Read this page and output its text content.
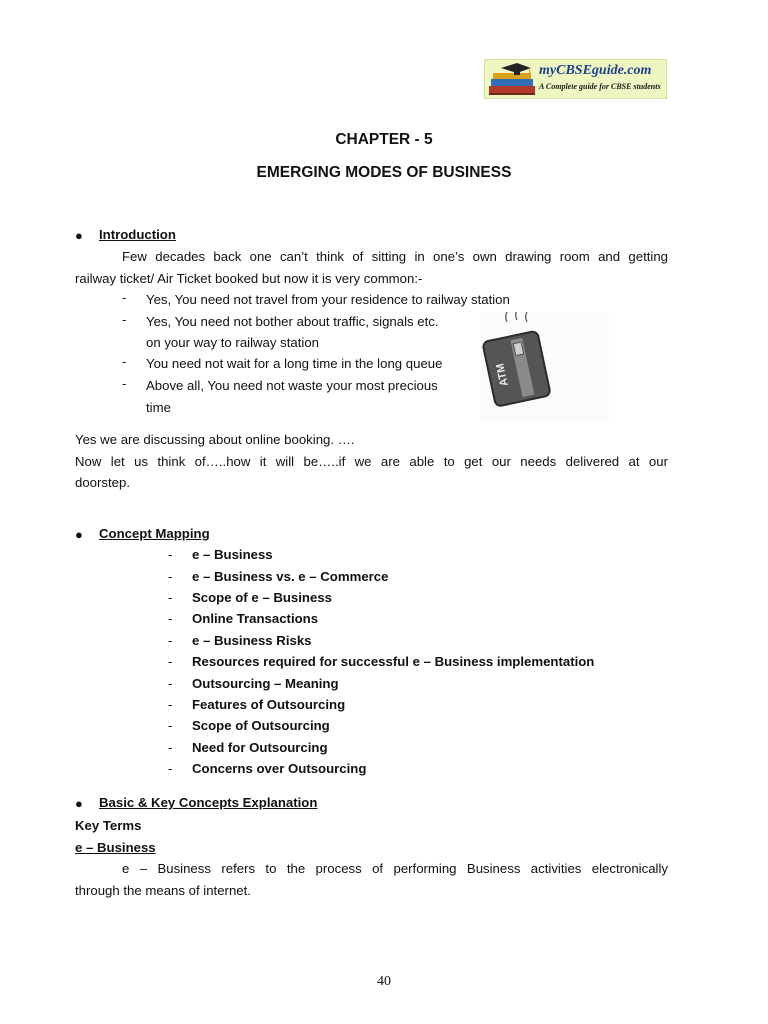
myCBSEguide.com
A Complete guide for CBSE students
CHAPTER - 5
EMERGING MODES OF BUSINESS
● Introduction
Few decades back one can’t think of sitting in one’s own drawing room and getting
railway ticket/ Air Ticket booked but now it is very common:-
- Yes, You need not travel from your residence to railway station
- Yes, You need not bother about traffic, signals etc.
on your way to railway station
- You need not wait for a long time in the long queue
- Above all, You need not waste your most precious
time
ATM
Yes we are discussing about online booking. ….
Now let us think of…..how it will be…..if we are able to get our needs delivered at our
doorstep.
● Concept Mapping
- e – Business
- e – Business vs. e – Commerce
- Scope of e – Business
- Online Transactions
- e – Business Risks
- Resources required for successful e – Business implementation
- Outsourcing – Meaning
- Features of Outsourcing
- Scope of Outsourcing
- Need for Outsourcing
- Concerns over Outsourcing
● Basic & Key Concepts Explanation
Key Terms
e – Business
e – Business refers to the process of performing Business activities electronically
through the means of internet.
40
